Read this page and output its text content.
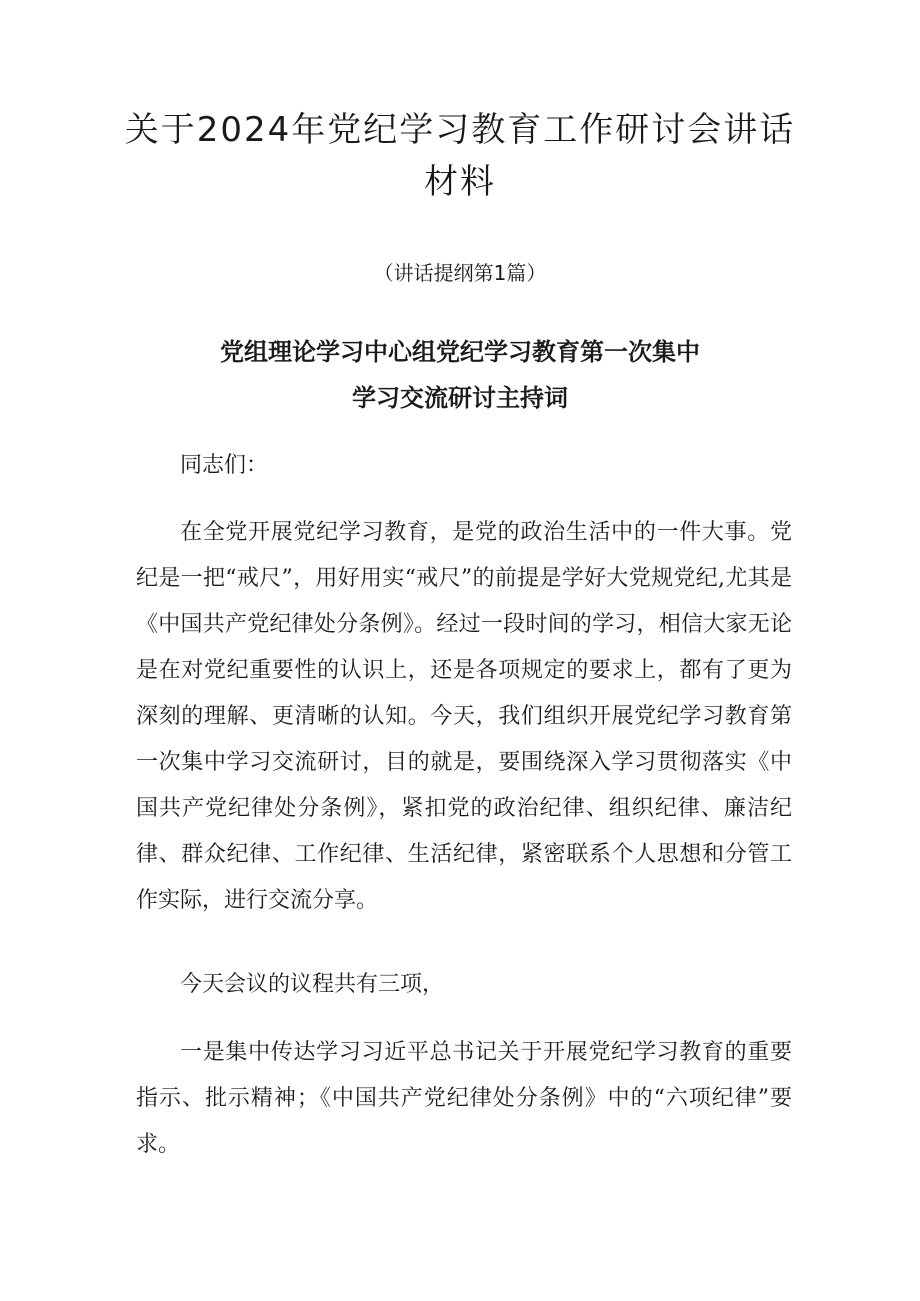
关于2024年党纪学习教育工作研讨会讲话
材料
（讲话提纲第1篇）
党组理论学习中心组党纪学习教育第一次集中
学习交流研讨主持词

同志们：

在全党开展党纪学习教育，是党的政治生活中的一件大事。党纪是一把“戒尺”，用好用实“戒尺”的前提是学好大党规党纪,尤其是《中国共产党纪律处分条例》。经过一段时间的学习，相信大家无论是在对党纪重要性的认识上，还是各项规定的要求上，都有了更为深刻的理解、更清晰的认知。今天，我们组织开展党纪学习教育第一次集中学习交流研讨，目的就是，要围绕深入学习贯彻落实《中国共产党纪律处分条例》，紧扣党的政治纪律、组织纪律、廉洁纪律、群众纪律、工作纪律、生活纪律，紧密联系个人思想和分管工作实际，进行交流分享。

今天会议的议程共有三项，

一是集中传达学习习近平总书记关于开展党纪学习教育的重要指示、批示精神；《中国共产党纪律处分条例》中的“六项纪律”要求。
